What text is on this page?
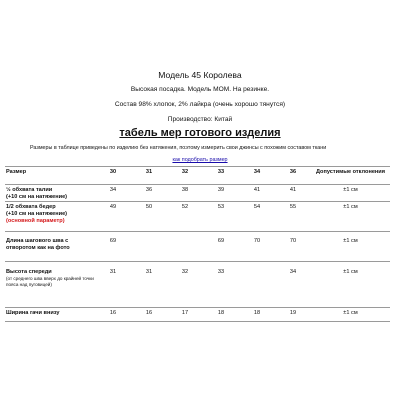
Модель 45 Королева
Высокая посадка. Модель MOM. На резинке.
Состав 98% хлопок, 2% лайкра (очень хорошо тянутся)
Производство: Китай
табель мер готового изделия
Размеры в таблице приведены по изделию без натяжения, поэтому измерить свои джинсы с похожим составом ткани
как подобрать размер
Размер	30	31	32	33	34	36	Допустимые отклонения

½ обхвата талии
(+10 см на натяжение)	34	36	38	39	41	41	±1 см

1/2 обхвата бедер
(+10 см на натяжение)
(основной параметр)	49	50	52	53	54	55	±1 см
Длина шагового шва с отворотом как на фото	69			69	70	70	±1 см

Высота спереди
(от среднего шва вверх до крайней точки пояса над пуговицей)	31	31	32	33		34	±1 см
Ширина гачи внизу	16	16	17	18	18	19	±1 см
